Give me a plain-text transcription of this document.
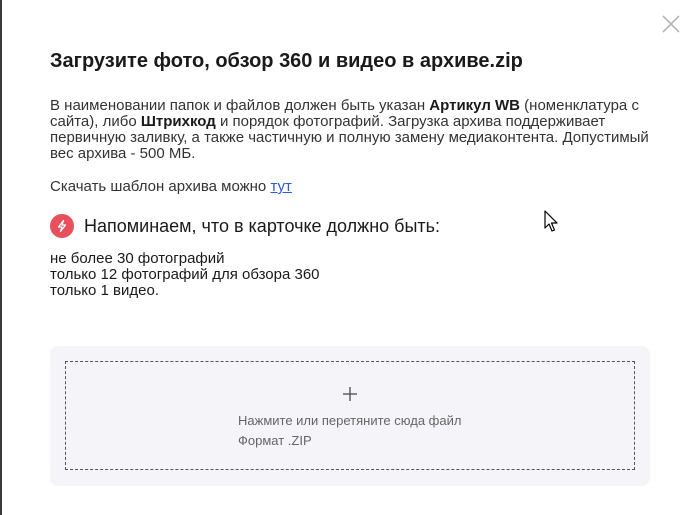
Загрузите фото, обзор 360 и видео в архиве.zip

В наименовании папок и файлов должен быть указан Артикул WB (номенклатура с сайта), либо Штрихкод и порядок фотографий. Загрузка архива поддерживает первичную заливку, а также частичную и полную замену медиаконтента. Допустимый вес архива - 500 МБ.

Скачать шаблон архива можно тут

Напоминаем, что в карточке должно быть:
не более 30 фотографий
только 12 фотографий для обзора 360
только 1 видео.
Нажмите или перетяните сюда файл
Формат .ZIP
